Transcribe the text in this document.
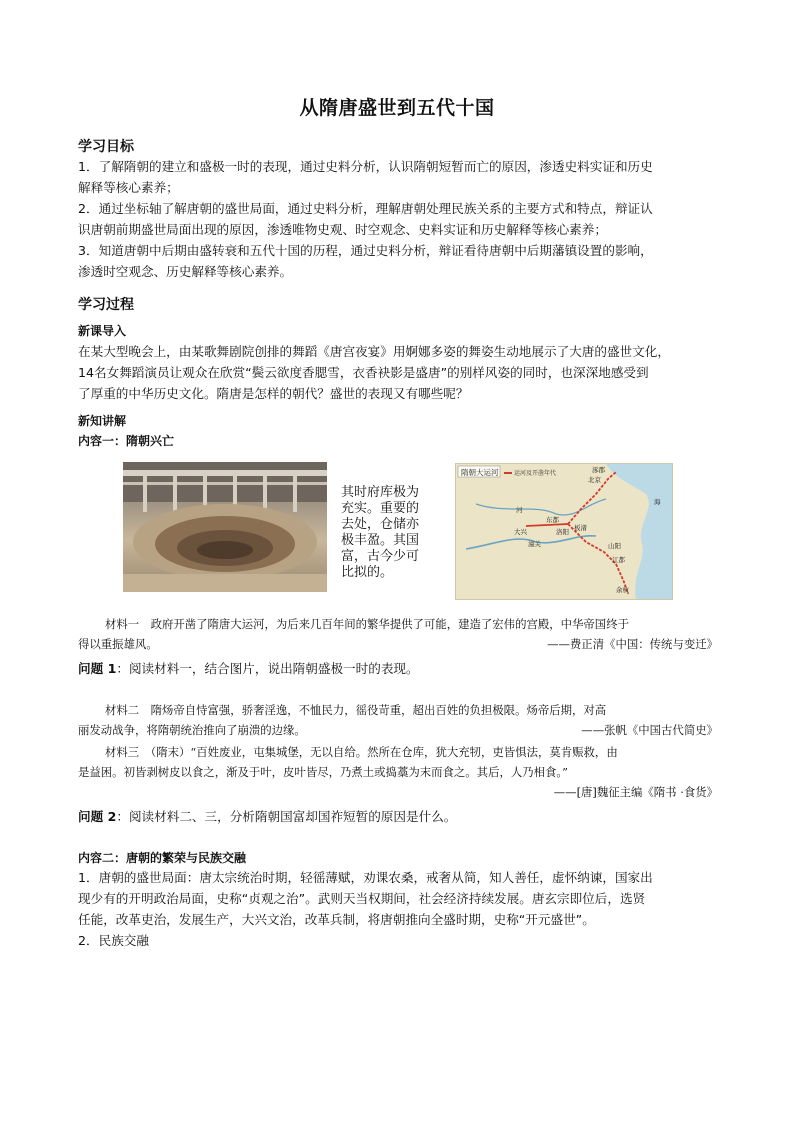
从隋唐盛世到五代十国
学习目标
1．了解隋朝的建立和盛极一时的表现，通过史料分析，认识隋朝短暂而亡的原因，渗透史料实证和历史
解释等核心素养；
2．通过坐标轴了解唐朝的盛世局面，通过史料分析，理解唐朝处理民族关系的主要方式和特点，辩证认
识唐朝前期盛世局面出现的原因，渗透唯物史观、时空观念、史料实证和历史解释等核心素养；
3．知道唐朝中后期由盛转衰和五代十国的历程，通过史料分析，辩证看待唐朝中后期藩镇设置的影响，
渗透时空观念、历史解释等核心素养。
学习过程
新课导入
在某大型晚会上，由某歌舞剧院创排的舞蹈《唐宫夜宴》用婀娜多姿的舞姿生动地展示了大唐的盛世文化，
14名女舞蹈演员让观众在欣赏“鬓云欲度香腮雪，衣香袂影是盛唐”的别样风姿的同时，也深深地感受到
了厚重的中华历史文化。隋唐是怎样的朝代？盛世的表现又有哪些呢？
新知讲解
内容一：隋朝兴亡
其时府库极为
充实。重要的
去处，仓储亦
极丰盈。其国
富，古今少可
比拟的。
隋朝大运河	运河及开凿年代	涿郡
北京
大兴
东都
潼关
洛阳 板渚
山阳
江都
余杭
海
河
材料一　政府开凿了隋唐大运河，为后来几百年间的繁华提供了可能，建造了宏伟的宫殿，中华帝国终于
得以重振雄风。	——费正清《中国：传统与变迁》
问题 1：阅读材料一，结合图片，说出隋朝盛极一时的表现。
材料二　隋炀帝自恃富强，骄奢淫逸，不恤民力，徭役苛重，超出百姓的负担极限。炀帝后期，对高
丽发动战争，将隋朝统治推向了崩溃的边缘。	——张帆《中国古代简史》
材料三　（隋末）“百姓废业，屯集城堡，无以自给。然所在仓库，犹大充牣，吏皆惧法，莫肯赈救，由
是益困。初皆剥树皮以食之，渐及于叶，皮叶皆尽，乃煮土或捣藁为末而食之。其后，人乃相食。”
——[唐]魏征主编《隋书 ·食货》
问题 2：阅读材料二、三，分析隋朝国富却国祚短暂的原因是什么。
内容二：唐朝的繁荣与民族交融
1．唐朝的盛世局面：唐太宗统治时期，轻徭薄赋，劝课农桑，戒奢从简，知人善任，虚怀纳谏，国家出
现少有的开明政治局面，史称“贞观之治”。武则天当权期间，社会经济持续发展。唐玄宗即位后，选贤
任能，改革吏治，发展生产，大兴文治，改革兵制，将唐朝推向全盛时期，史称“开元盛世”。
2．民族交融
